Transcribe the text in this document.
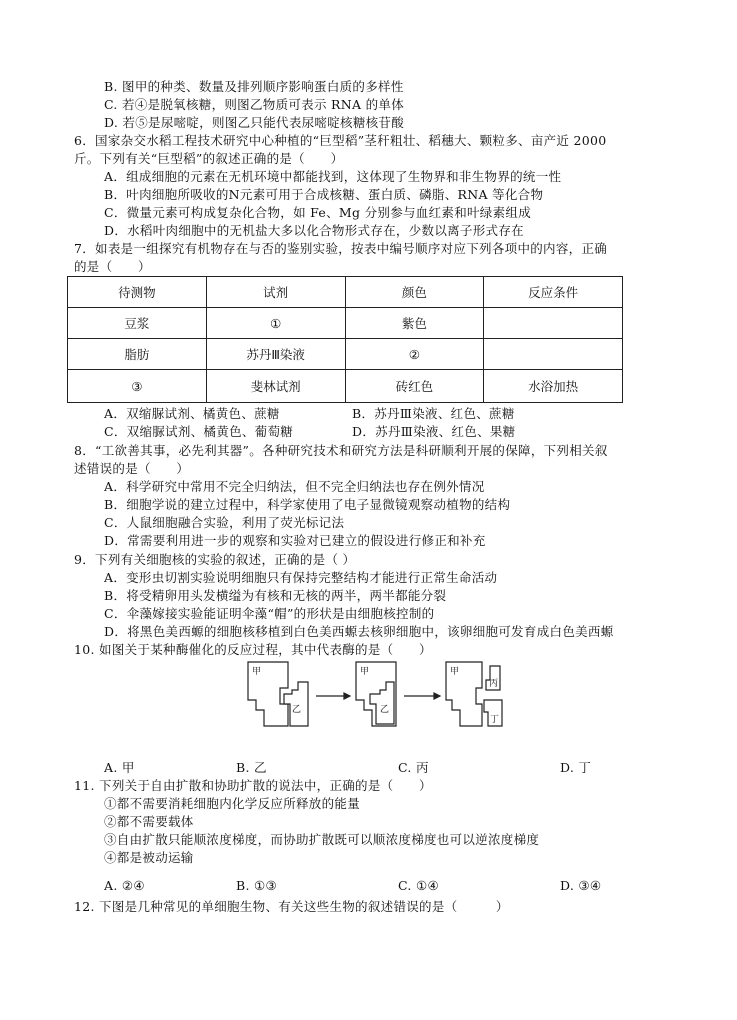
B. 图甲的种类、数量及排列顺序影响蛋白质的多样性
C. 若④是脱氧核糖，则图乙物质可表示 RNA 的单体
D. 若⑤是尿嘧啶，则图乙只能代表尿嘧啶核糖核苷酸
6．国家杂交水稻工程技术研究中心种植的“巨型稻”茎秆粗壮、稻穗大、颗粒多、亩产近 2000
斤。下列有关“巨型稻”的叙述正确的是（　　）
A．组成细胞的元素在无机环境中都能找到，这体现了生物界和非生物界的统一性
B．叶肉细胞所吸收的N元素可用于合成核糖、蛋白质、磷脂、RNA 等化合物
C．微量元素可构成复杂化合物，如 Fe、Mg 分别参与血红素和叶绿素组成
D．水稻叶肉细胞中的无机盐大多以化合物形式存在，少数以离子形式存在
7．如表是一组探究有机物存在与否的鉴别实验，按表中编号顺序对应下列各项中的内容，正确
的是（　　）
待测物	试剂	颜色	反应条件
豆浆	①	紫色	
脂肪	苏丹Ⅲ染液	②	
③	斐林试剂	砖红色	水浴加热
A．双缩脲试剂、橘黄色、蔗糖	B．苏丹Ⅲ染液、红色、蔗糖
C．双缩脲试剂、橘黄色、葡萄糖	D．苏丹Ⅲ染液、红色、果糖
8．“工欲善其事，必先利其器”。各种研究技术和研究方法是科研顺利开展的保障，下列相关叙
述错误的是（　　）
A．科学研究中常用不完全归纳法，但不完全归纳法也存在例外情况
B．细胞学说的建立过程中，科学家使用了电子显微镜观察动植物的结构
C．人鼠细胞融合实验，利用了荧光标记法
D．常需要利用进一步的观察和实验对已建立的假设进行修正和补充
9．下列有关细胞核的实验的叙述，正确的是（ ）
A．变形虫切割实验说明细胞只有保持完整结构才能进行正常生命活动
B．将受精卵用头发横缢为有核和无核的两半，两半都能分裂
C．伞藻嫁接实验能证明伞藻“帽”的形状是由细胞核控制的
D．将黑色美西螈的细胞核移植到白色美西螈去核卵细胞中，该卵细胞可发育成白色美西螈
10. 如图关于某种酶催化的反应过程，其中代表酶的是（　　）
甲
乙
甲
乙
甲
丙
丁
A. 甲	B. 乙	C. 丙	D. 丁
11. 下列关于自由扩散和协助扩散的说法中，正确的是（　　）
①都不需要消耗细胞内化学反应所释放的能量
②都不需要载体
③自由扩散只能顺浓度梯度，而协助扩散既可以顺浓度梯度也可以逆浓度梯度
④都是被动运输
A. ②④	B. ①③	C. ①④	D. ③④
12. 下图是几种常见的单细胞生物、有关这些生物的叙述错误的是（　　　）
